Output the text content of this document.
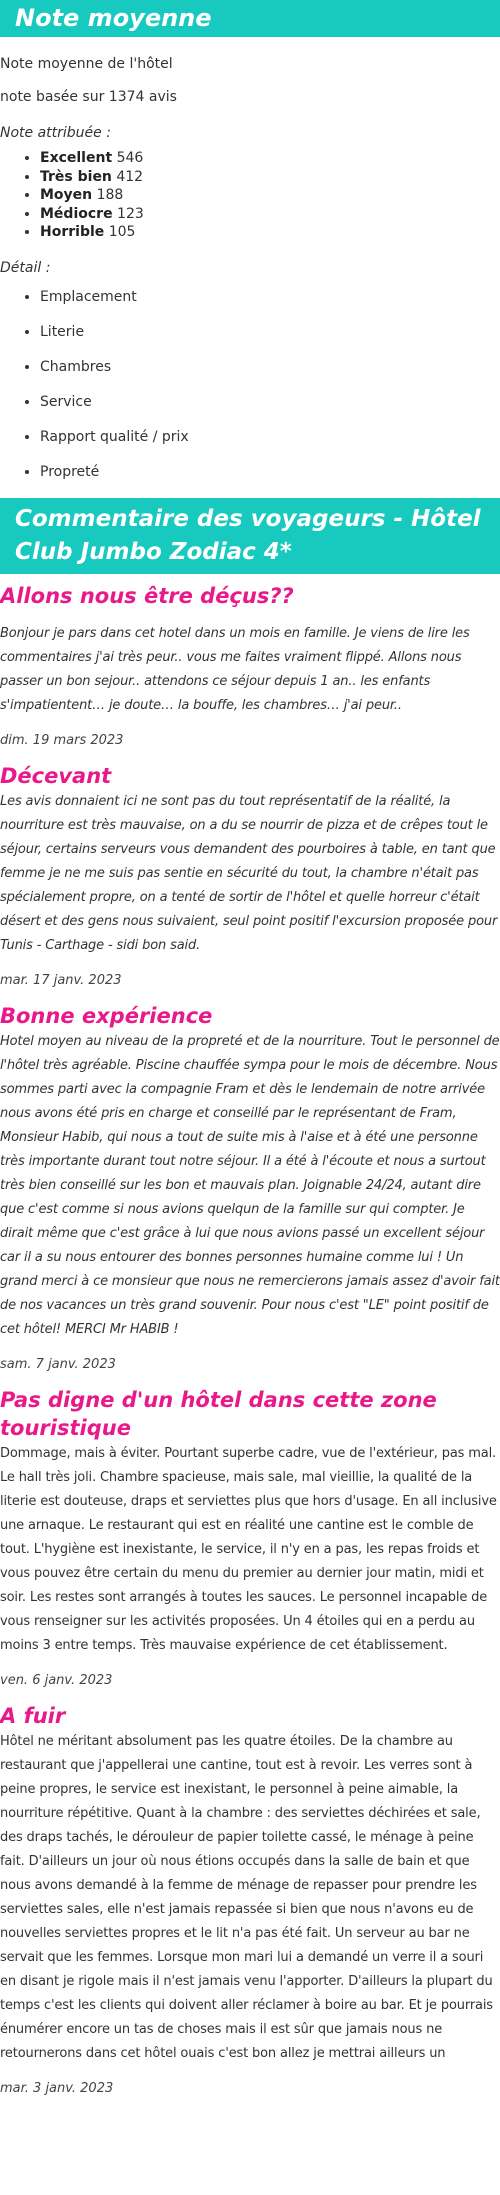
Note moyenne

Note moyenne de l'hôtel

note basée sur 1374 avis

Note attribuée :

• Excellent 546
• Très bien 412
• Moyen 188
• Médiocre 123
• Horrible 105

Détail :

• Emplacement
• Literie
• Chambres
• Service
• Rapport qualité / prix
• Propreté
Commentaire des voyageurs - Hôtel Club Jumbo Zodiac 4*
Allons nous être déçus??

Bonjour je pars dans cet hotel dans un mois en famille. Je viens de lire les commentaires j'ai très peur.. vous me faites vraiment flippé. Allons nous passer un bon sejour.. attendons ce séjour depuis 1 an.. les enfants s'impatientent… je doute… la bouffe, les chambres… j'ai peur..

dim. 19 mars 2023

Décevant

Les avis donnaient ici ne sont pas du tout représentatif de la réalité, la nourriture est très mauvaise, on a du se nourrir de pizza et de crêpes tout le séjour, certains serveurs vous demandent des pourboires à table, en tant que femme je ne me suis pas sentie en sécurité du tout, la chambre n'était pas spécialement propre, on a tenté de sortir de l'hôtel et quelle horreur c'était désert et des gens nous suivaient, seul point positif l'excursion proposée pour Tunis - Carthage - sidi bon said.

mar. 17 janv. 2023

Bonne expérience

Hotel moyen au niveau de la propreté et de la nourriture. Tout le personnel de l'hôtel très agréable. Piscine chauffée sympa pour le mois de décembre. Nous sommes parti avec la compagnie Fram et dès le lendemain de notre arrivée nous avons été pris en charge et conseillé par le représentant de Fram, Monsieur Habib, qui nous a tout de suite mis à l'aise et à été une personne très importante durant tout notre séjour. Il a été à l'écoute et nous a surtout très bien conseillé sur les bon et mauvais plan. Joignable 24/24, autant dire que c'est comme si nous avions quelqun de la famille sur qui compter. Je dirait même que c'est grâce à lui que nous avions passé un excellent séjour car il a su nous entourer des bonnes personnes humaine comme lui ! Un grand merci à ce monsieur que nous ne remercierons jamais assez d'avoir fait de nos vacances un très grand souvenir. Pour nous c'est "LE" point positif de cet hôtel! MERCI Mr HABIB !

sam. 7 janv. 2023

Pas digne d'un hôtel dans cette zone touristique

Dommage, mais à éviter. Pourtant superbe cadre, vue de l'extérieur, pas mal. Le hall très joli. Chambre spacieuse, mais sale, mal vieillie, la qualité de la literie est douteuse, draps et serviettes plus que hors d'usage. En all inclusive une arnaque. Le restaurant qui est en réalité une cantine est le comble de tout. L'hygiène est inexistante, le service, il n'y en a pas, les repas froids et vous pouvez être certain du menu du premier au dernier jour matin, midi et soir. Les restes sont arrangés à toutes les sauces. Le personnel incapable de vous renseigner sur les activités proposées. Un 4 étoiles qui en a perdu au moins 3 entre temps. Très mauvaise expérience de cet établissement.

ven. 6 janv. 2023

A fuir

Hôtel ne méritant absolument pas les quatre étoiles. De la chambre au restaurant que j'appellerai une cantine, tout est à revoir. Les verres sont à peine propres, le service est inexistant, le personnel à peine aimable, la nourriture répétitive. Quant à la chambre : des serviettes déchirées et sale, des draps tachés, le dérouleur de papier toilette cassé, le ménage à peine fait. D'ailleurs un jour où nous étions occupés dans la salle de bain et que nous avons demandé à la femme de ménage de repasser pour prendre les serviettes sales, elle n'est jamais repassée si bien que nous n'avons eu de nouvelles serviettes propres et le lit n'a pas été fait. Un serveur au bar ne servait que les femmes. Lorsque mon mari lui a demandé un verre il a souri en disant je rigole mais il n'est jamais venu l'apporter. D'ailleurs la plupart du temps c'est les clients qui doivent aller réclamer à boire au bar. Et je pourrais énumérer encore un tas de choses mais il est sûr que jamais nous ne retournerons dans cet hôtel ouais c'est bon allez je mettrai ailleurs un

mar. 3 janv. 2023
